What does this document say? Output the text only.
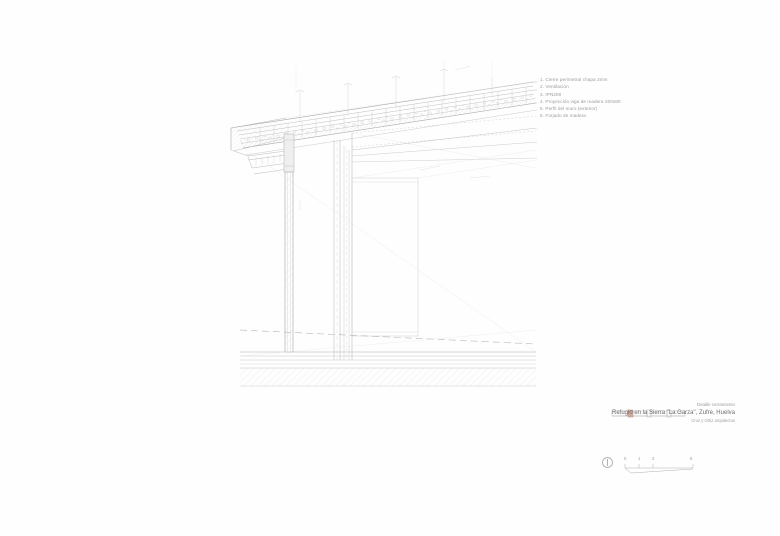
1. Cierre perimetral chapa 2mm
2. Ventilación
3. IPN200
4. Proyección viga de madera 200x80
5. Perfil del muro (exterior)
6. Forjado de madera
Detalle cerramiento
Refugio en la Sierra "La Garza", Zufre, Huelva
Cruz y Ortiz arquitectos
0	1	2	5
